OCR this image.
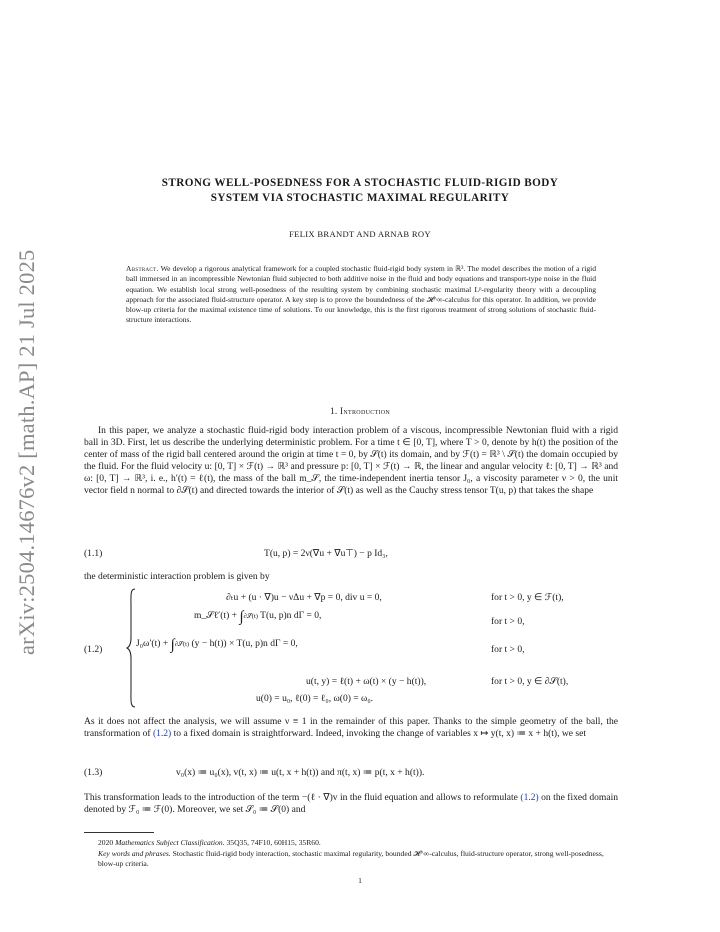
arXiv:2504.14676v2 [math.AP] 21 Jul 2025
STRONG WELL-POSEDNESS FOR A STOCHASTIC FLUID-RIGID BODY
SYSTEM VIA STOCHASTIC MAXIMAL REGULARITY
FELIX BRANDT AND ARNAB ROY
Abstract. We develop a rigorous analytical framework for a coupled stochastic fluid-rigid body system in ℝ³. The model describes the motion of a rigid ball immersed in an incompressible Newtonian fluid subjected to both additive noise in the fluid and body equations and transport-type noise in the fluid equation. We establish local strong well-posedness of the resulting system by combining stochastic maximal Lᵖ-regularity theory with a decoupling approach for the associated fluid-structure operator. A key step is to prove the boundedness of the 𝓗^∞-calculus for this operator. In addition, we provide blow-up criteria for the maximal existence time of solutions. To our knowledge, this is the first rigorous treatment of strong solutions of stochastic fluid-structure interactions.
1. Introduction
In this paper, we analyze a stochastic fluid-rigid body interaction problem of a viscous, incompressible Newtonian fluid with a rigid ball in 3D. First, let us describe the underlying deterministic problem. For a time t ∈ [0, T], where T > 0, denote by h(t) the position of the center of mass of the rigid ball centered around the origin at time t = 0, by 𝒮(t) its domain, and by ℱ(t) = ℝ³ \ 𝒮(t) the domain occupied by the fluid. For the fluid velocity u: [0, T] × ℱ(t) → ℝ³ and pressure p: [0, T] × ℱ(t) → ℝ, the linear and angular velocity ℓ: [0, T] → ℝ³ and ω: [0, T] → ℝ³, i. e., h′(t) = ℓ(t), the mass of the ball m_𝒮, the time-independent inertia tensor J₀, a viscosity parameter ν > 0, the unit vector field n normal to ∂𝒮(t) and directed towards the interior of 𝒮(t) as well as the Cauchy stress tensor T(u, p) that takes the shape
(1.1)	T(u, p) = 2ν(∇u + ∇u⊤) − p Id₃,
the deterministic interaction problem is given by
(1.2)
∂ₜu + (u · ∇)u − νΔu + ∇p = 0, div u = 0,
m_𝒮ℓ′(t) + ∫∂𝒮(t) T(u, p)n dΓ = 0,
J₀ω′(t) + ∫∂𝒮(t) (y − h(t)) × T(u, p)n dΓ = 0,
u(t, y) = ℓ(t) + ω(t) × (y − h(t)),
u(0) = u₀, ℓ(0) = ℓ₀, ω(0) = ω₀.
for t > 0, y ∈ ℱ(t),
for t > 0,
for t > 0,
for t > 0, y ∈ ∂𝒮(t),
As it does not affect the analysis, we will assume ν ≡ 1 in the remainder of this paper. Thanks to the simple geometry of the ball, the transformation of (1.2) to a fixed domain is straightforward. Indeed, invoking the change of variables x ↦ y(t, x) ≔ x + h(t), we set
(1.3)	v₀(x) ≔ u₀(x), v(t, x) ≔ u(t, x + h(t)) and π(t, x) ≔ p(t, x + h(t)).
This transformation leads to the introduction of the term −(ℓ · ∇)v in the fluid equation and allows to reformulate (1.2) on the fixed domain denoted by ℱ₀ ≔ ℱ(0). Moreover, we set 𝒮₀ ≔ 𝒮(0) and
2020 Mathematics Subject Classification. 35Q35, 74F10, 60H15, 35R60.
Key words and phrases. Stochastic fluid-rigid body interaction, stochastic maximal regularity, bounded 𝓗^∞-calculus, fluid-structure operator, strong well-posedness, blow-up criteria.
1
